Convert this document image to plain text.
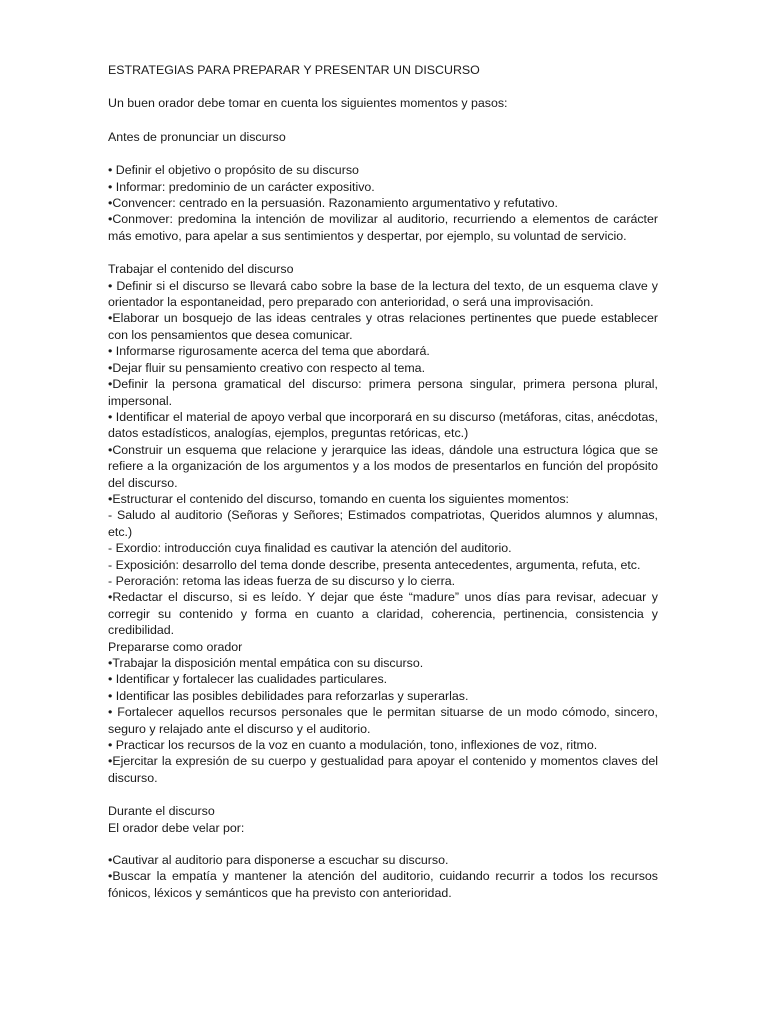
ESTRATEGIAS PARA PREPARAR Y PRESENTAR UN DISCURSO

Un buen orador debe tomar en cuenta los siguientes momentos y pasos:

Antes de pronunciar un discurso

• Definir el objetivo o propósito de su discurso

• Informar: predominio de un carácter expositivo.

•Convencer: centrado en la persuasión. Razonamiento argumentativo y refutativo.

•Conmover: predomina la intención de movilizar al auditorio, recurriendo a elementos de carácter más emotivo, para apelar a sus sentimientos y despertar, por ejemplo, su voluntad de servicio.

Trabajar el contenido del discurso

• Definir si el discurso se llevará cabo sobre la base de la lectura del texto, de un esquema clave y orientador la espontaneidad, pero preparado con anterioridad, o será una improvisación.

•Elaborar un bosquejo de las ideas centrales y otras relaciones pertinentes que puede establecer con los pensamientos que desea comunicar.

• Informarse rigurosamente acerca del tema que abordará.

•Dejar fluir su pensamiento creativo con respecto al tema.

•Definir la persona gramatical del discurso: primera persona singular, primera persona plural, impersonal.

• Identificar el material de apoyo verbal que incorporará en su discurso (metáforas, citas, anécdotas, datos estadísticos, analogías, ejemplos, preguntas retóricas, etc.)

•Construir un esquema que relacione y jerarquice las ideas, dándole una estructura lógica que se refiere a la organización de los argumentos y a los modos de presentarlos en función del propósito del discurso.

•Estructurar el contenido del discurso, tomando en cuenta los siguientes momentos:

- Saludo al auditorio (Señoras y Señores; Estimados compatriotas, Queridos alumnos y alumnas, etc.)

- Exordio: introducción cuya finalidad es cautivar la atención del auditorio.

- Exposición: desarrollo del tema donde describe, presenta antecedentes, argumenta, refuta, etc.

- Peroración: retoma las ideas fuerza de su discurso y lo cierra.

•Redactar el discurso, si es leído. Y dejar que éste “madure” unos días para revisar, adecuar y corregir su contenido y forma en cuanto a claridad, coherencia, pertinencia, consistencia y credibilidad.

Prepararse como orador

•Trabajar la disposición mental empática con su discurso.

• Identificar y fortalecer las cualidades particulares.

• Identificar las posibles debilidades para reforzarlas y superarlas.

• Fortalecer aquellos recursos personales que le permitan situarse de un modo cómodo, sincero, seguro y relajado ante el discurso y el auditorio.

• Practicar los recursos de la voz en cuanto a modulación, tono, inflexiones de voz, ritmo.

•Ejercitar la expresión de su cuerpo y gestualidad para apoyar el contenido y momentos claves del discurso.

Durante el discurso

El orador debe velar por:

•Cautivar al auditorio para disponerse a escuchar su discurso.

•Buscar la empatía y mantener la atención del auditorio, cuidando recurrir a todos los recursos fónicos, léxicos y semánticos que ha previsto con anterioridad.
